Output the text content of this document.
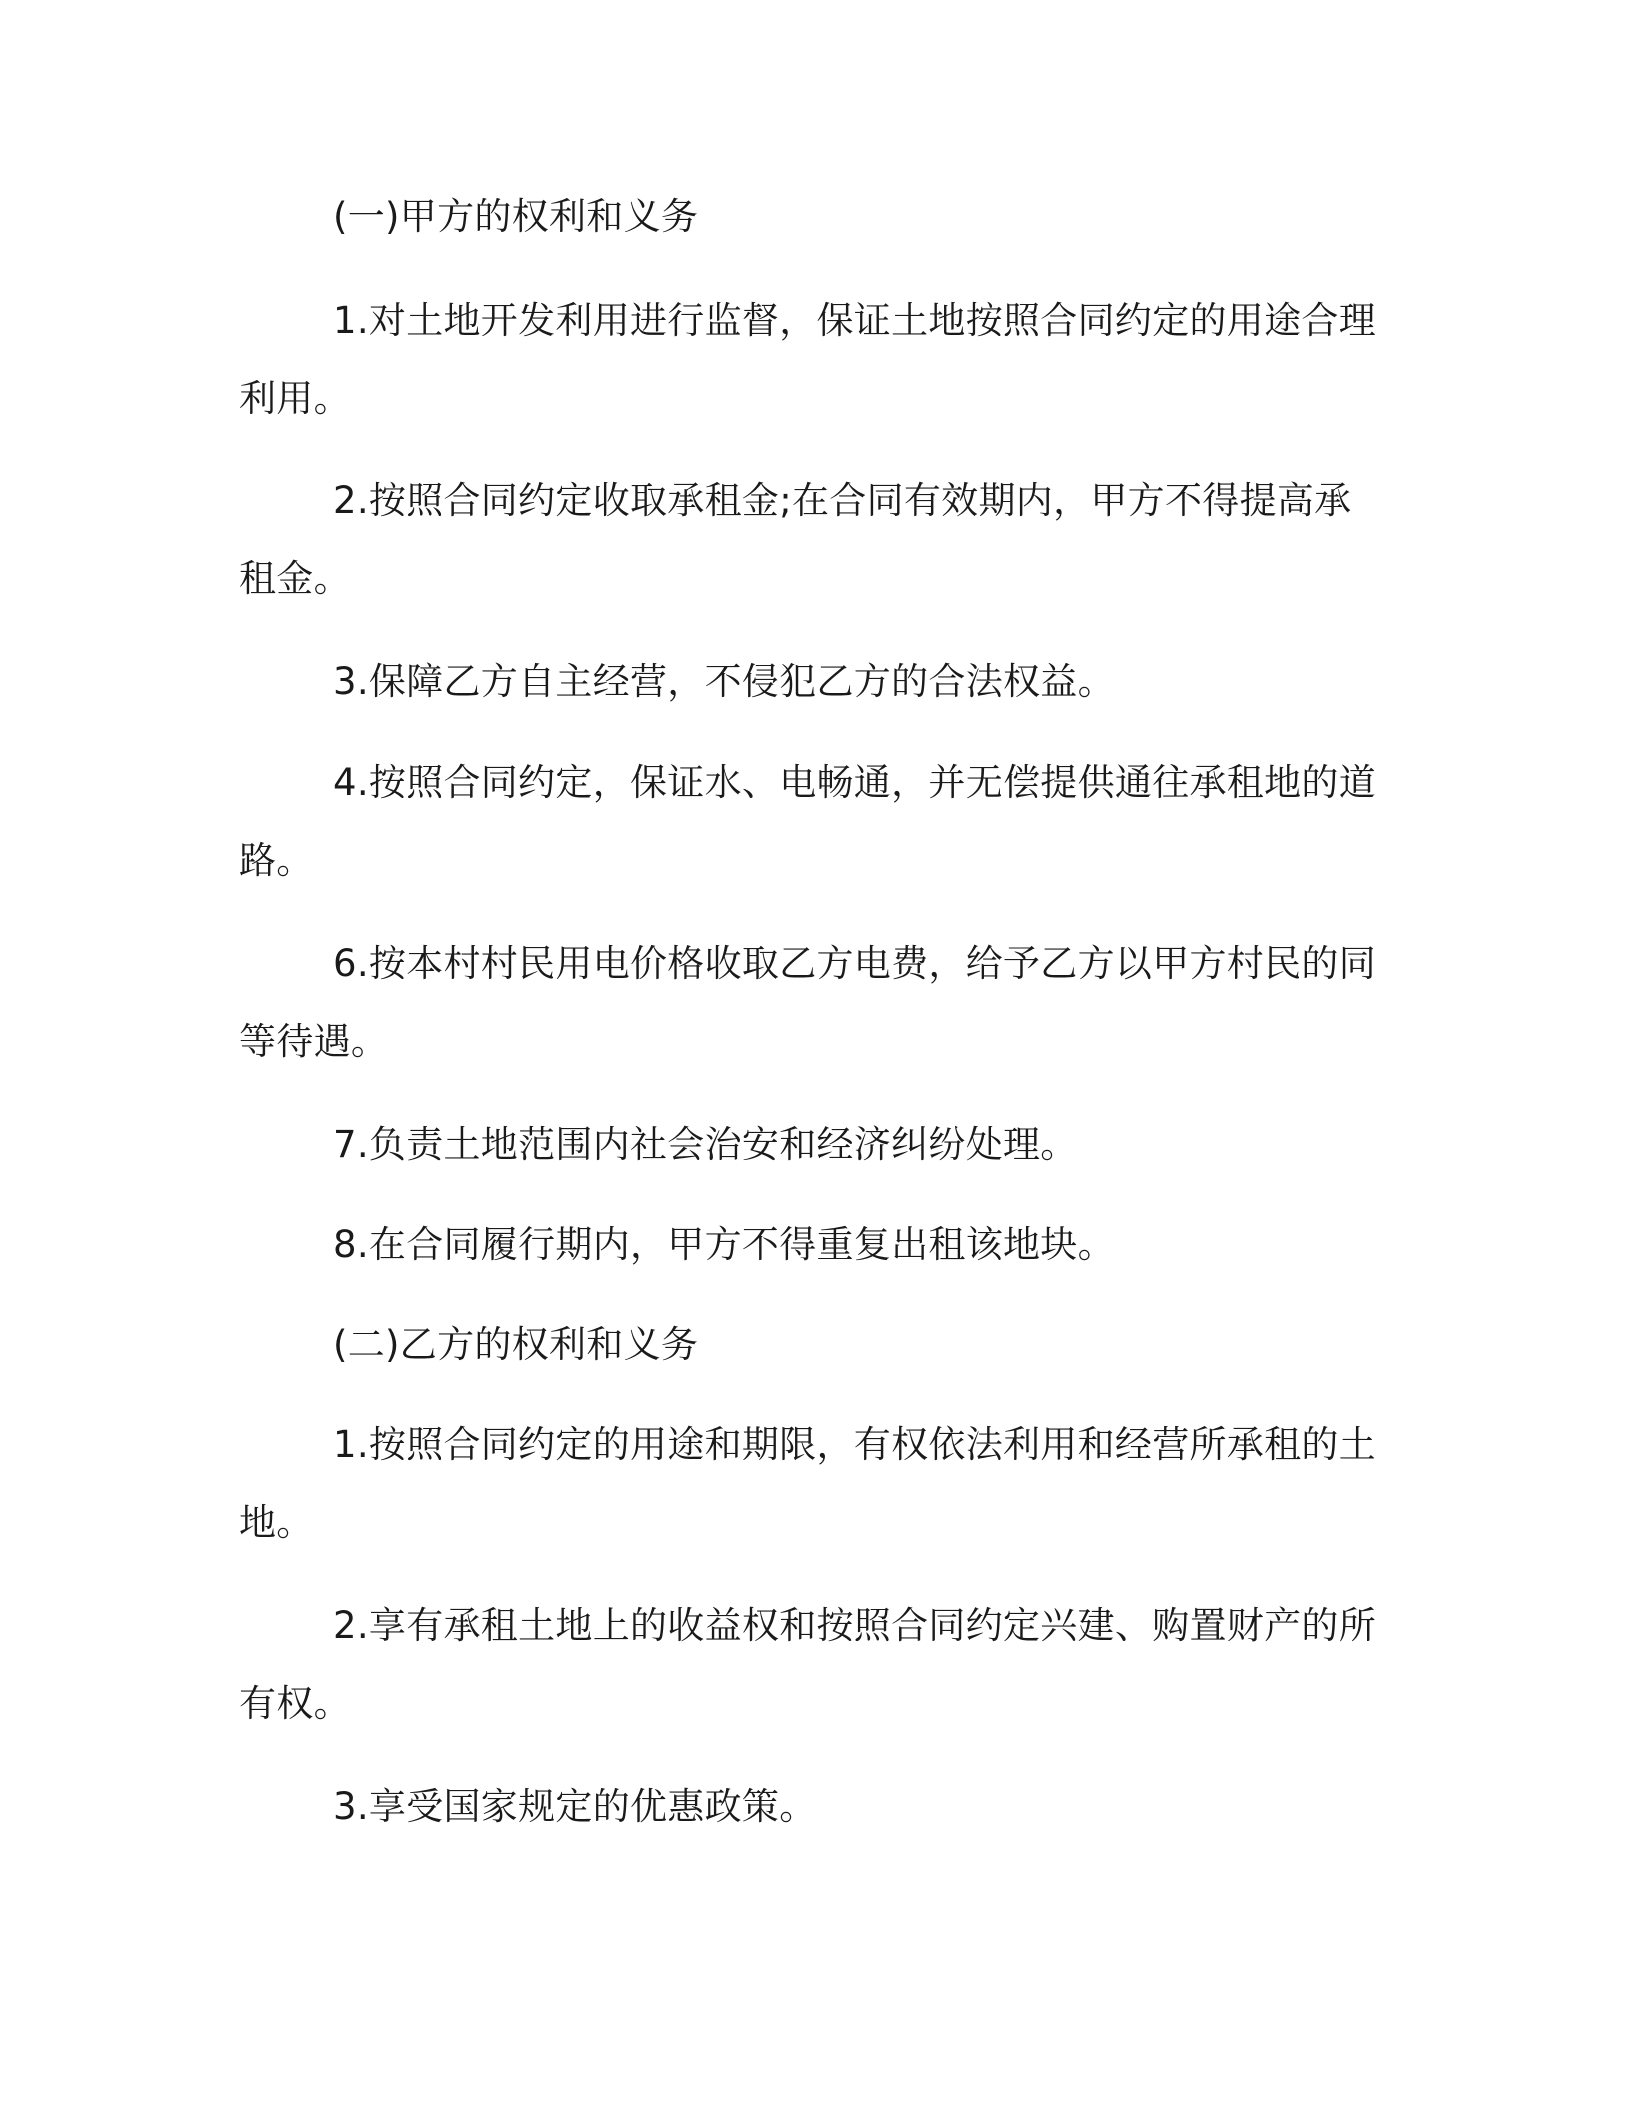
(一)甲方的权利和义务

1.对土地开发利用进行监督，保证土地按照合同约定的用途合理利用。

2.按照合同约定收取承租金;在合同有效期内，甲方不得提高承租金。

3.保障乙方自主经营，不侵犯乙方的合法权益。

4.按照合同约定，保证水、电畅通，并无偿提供通往承租地的道路。

6.按本村村民用电价格收取乙方电费，给予乙方以甲方村民的同等待遇。

7.负责土地范围内社会治安和经济纠纷处理。

8.在合同履行期内，甲方不得重复出租该地块。

(二)乙方的权利和义务

1.按照合同约定的用途和期限，有权依法利用和经营所承租的土地。

2.享有承租土地上的收益权和按照合同约定兴建、购置财产的所有权。

3.享受国家规定的优惠政策。
